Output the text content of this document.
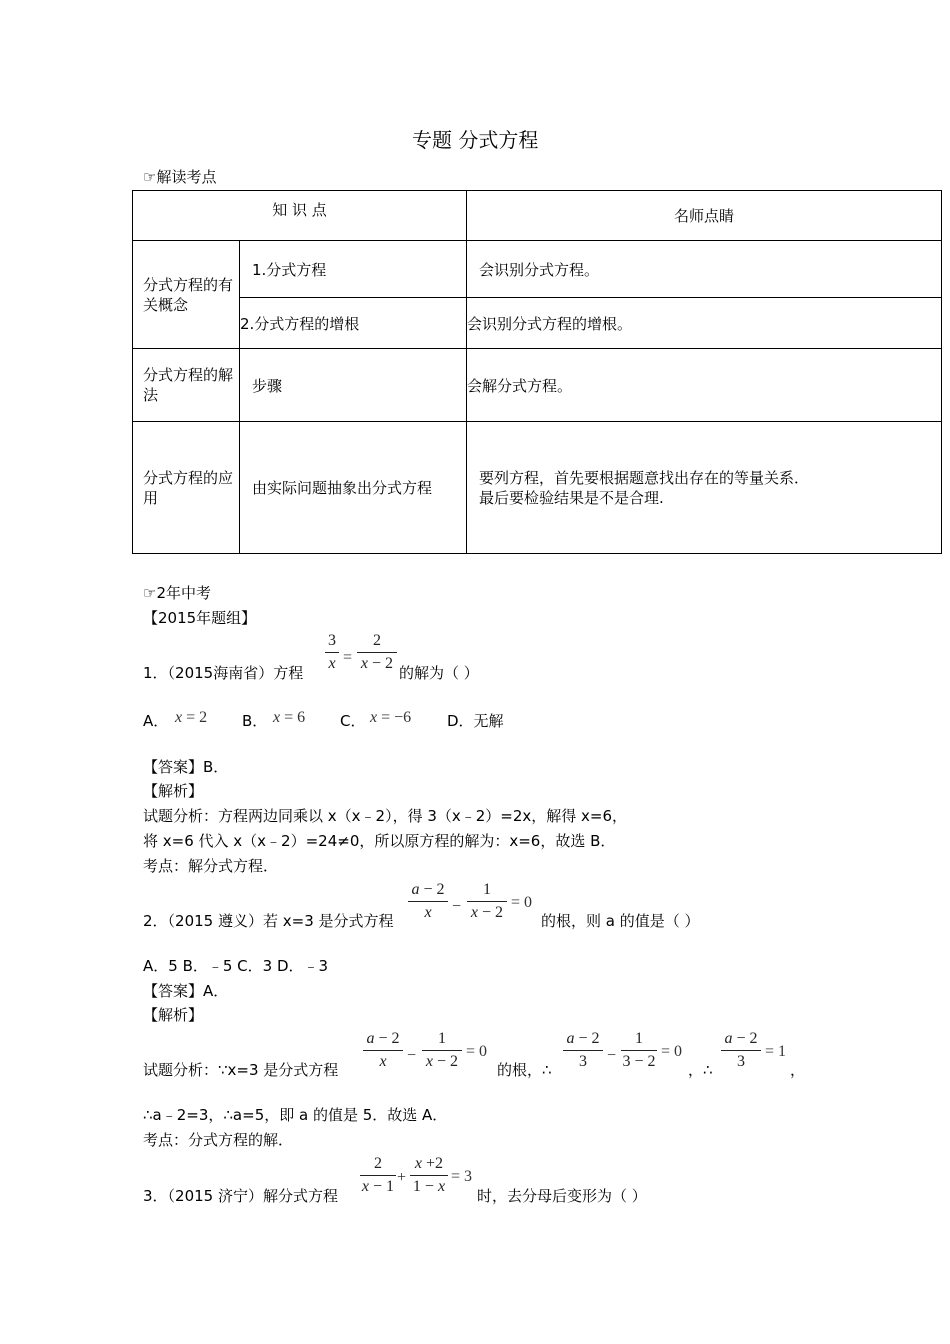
专题 分式方程
☞解读考点
知 识 点		名师点睛
分式方程的有关概念	1.分式方程	会识别分式方程。
	2.分式方程的增根	会识别分式方程的增根。
分式方程的解法	步骤	会解分式方程。
分式方程的应用	由实际问题抽象出分式方程	要列方程，首先要根据题意找出存在的等量关系．
最后要检验结果是不是合理.
☞2年中考
【2015年题组】
1．（2015海南省）方程
3
x =
2
x − 2
的解为（ ）
A． x = 2 B． x = 6 C． x = −6 D．无解
【答案】B．
【解析】
试题分析：方程两边同乘以 x（x﹣2），得 3（x﹣2）=2x，解得 x=6，
将 x=6 代入 x（x﹣2）=24≠0，所以原方程的解为：x=6，故选 B．
考点：解分式方程．
2．（2015 遵义）若 x=3 是分式方程
a − 2
x	−
1
x − 2
= 0
的根，则 a 的值是（ ）
A．5 B．﹣5 C．3 D．﹣3
【答案】A．
【解析】
试题分析：∵x=3 是分式方程
a − 2
x	−
1
x − 2
= 0
的根，∴
a − 2
3	−
1
3 − 2
= 0
，∴
a − 2
3
= 1
，
∴a﹣2=3，∴a=5，即 a 的值是 5．故选 A．
考点：分式方程的解．
3．（2015 济宁）解分式方程
2
x − 1
+
x +2
1 − x
= 3
时，去分母后变形为（ ）
